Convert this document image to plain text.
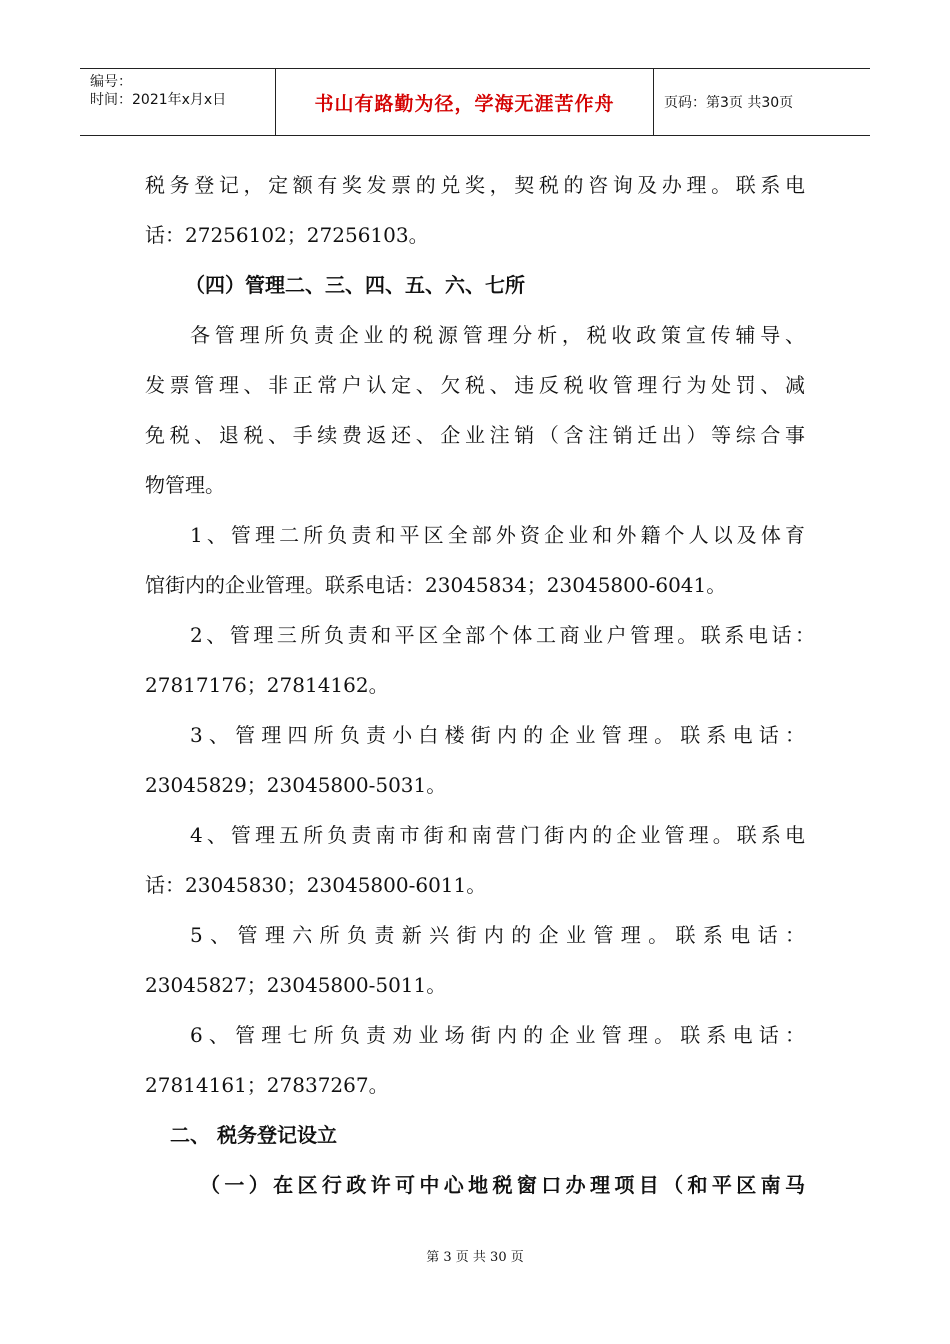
编号：
时间：2021年x月x日	书山有路勤为径，学海无涯苦作舟	页码：第3页 共30页
税务登记，定额有奖发票的兑奖，契税的咨询及办理。联系电
话：27256102；27256103。
（四）管理二、三、四、五、六、七所
各管理所负责企业的税源管理分析，税收政策宣传辅导、
发票管理、非正常户认定、欠税、违反税收管理行为处罚、减
免税、退税、手续费返还、企业注销（含注销迁出）等综合事
物管理。
1、管理二所负责和平区全部外资企业和外籍个人以及体育
馆街内的企业管理。联系电话：23045834；23045800-6041。
2、管理三所负责和平区全部个体工商业户管理。联系电话：
27817176；27814162。
3、管理四所负责小白楼街内的企业管理。联系电话：
23045829；23045800-5031。
4、管理五所负责南市街和南营门街内的企业管理。联系电
话：23045830；23045800-6011。
5、管理六所负责新兴街内的企业管理。联系电话：
23045827；23045800-5011。
6、管理七所负责劝业场街内的企业管理。联系电话：
27814161；27837267。
二、 税务登记设立
（一）在区行政许可中心地税窗口办理项目（和平区南马
第 3 页 共 30 页
